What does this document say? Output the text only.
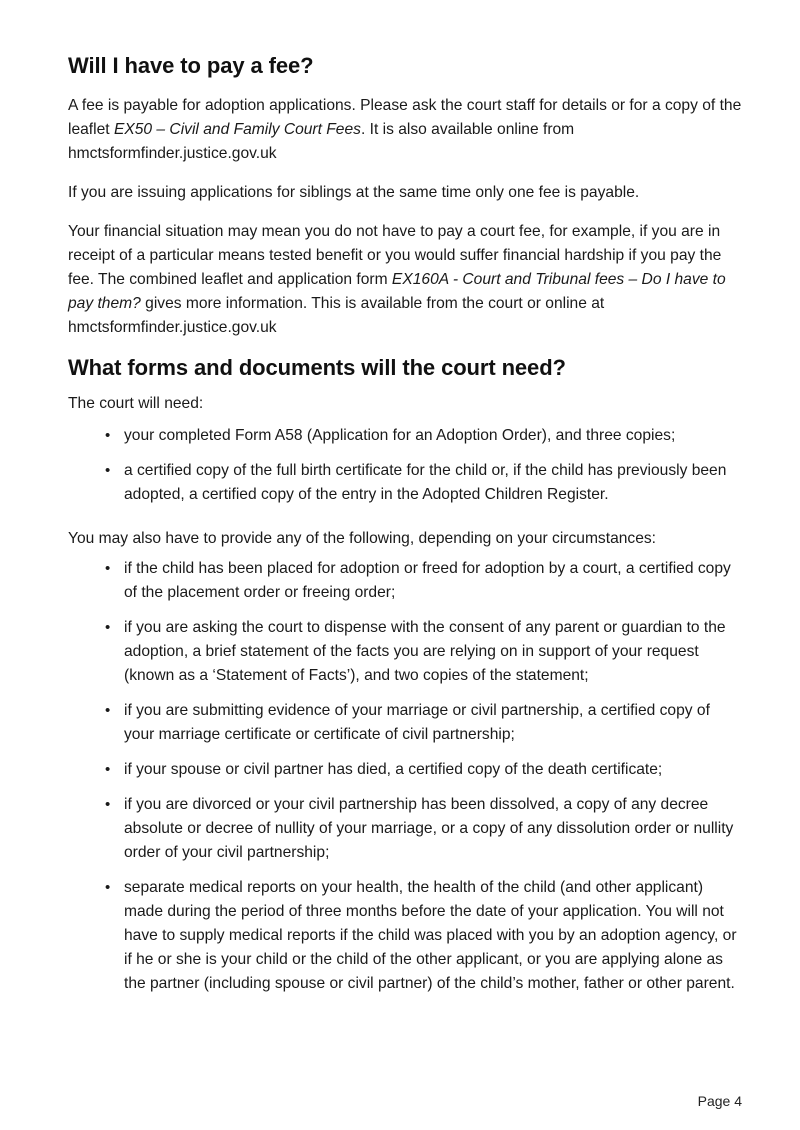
Will I have to pay a fee?

A fee is payable for adoption applications. Please ask the court staff for details or for a copy of the leaflet EX50 – Civil and Family Court Fees. It is also available online from hmctsformfinder.justice.gov.uk

If you are issuing applications for siblings at the same time only one fee is payable.

Your financial situation may mean you do not have to pay a court fee, for example, if you are in receipt of a particular means tested benefit or you would suffer financial hardship if you pay the fee. The combined leaflet and application form EX160A - Court and Tribunal fees – Do I have to pay them? gives more information. This is available from the court or online at hmctsformfinder.justice.gov.uk

What forms and documents will the court need?

The court will need:

• your completed Form A58 (Application for an Adoption Order), and three copies;
• a certified copy of the full birth certificate for the child or, if the child has previously been adopted, a certified copy of the entry in the Adopted Children Register.

You may also have to provide any of the following, depending on your circumstances:

• if the child has been placed for adoption or freed for adoption by a court, a certified copy of the placement order or freeing order;
• if you are asking the court to dispense with the consent of any parent or guardian to the adoption, a brief statement of the facts you are relying on in support of your request (known as a ‘Statement of Facts’), and two copies of the statement;
• if you are submitting evidence of your marriage or civil partnership, a certified copy of your marriage certificate or certificate of civil partnership;
• if your spouse or civil partner has died, a certified copy of the death certificate;
• if you are divorced or your civil partnership has been dissolved, a copy of any decree absolute or decree of nullity of your marriage, or a copy of any dissolution order or nullity order of your civil partnership;
• separate medical reports on your health, the health of the child (and other applicant) made during the period of three months before the date of your application. You will not have to supply medical reports if the child was placed with you by an adoption agency, or if he or she is your child or the child of the other applicant, or you are applying alone as the partner (including spouse or civil partner) of the child’s mother, father or other parent.
Page 4
